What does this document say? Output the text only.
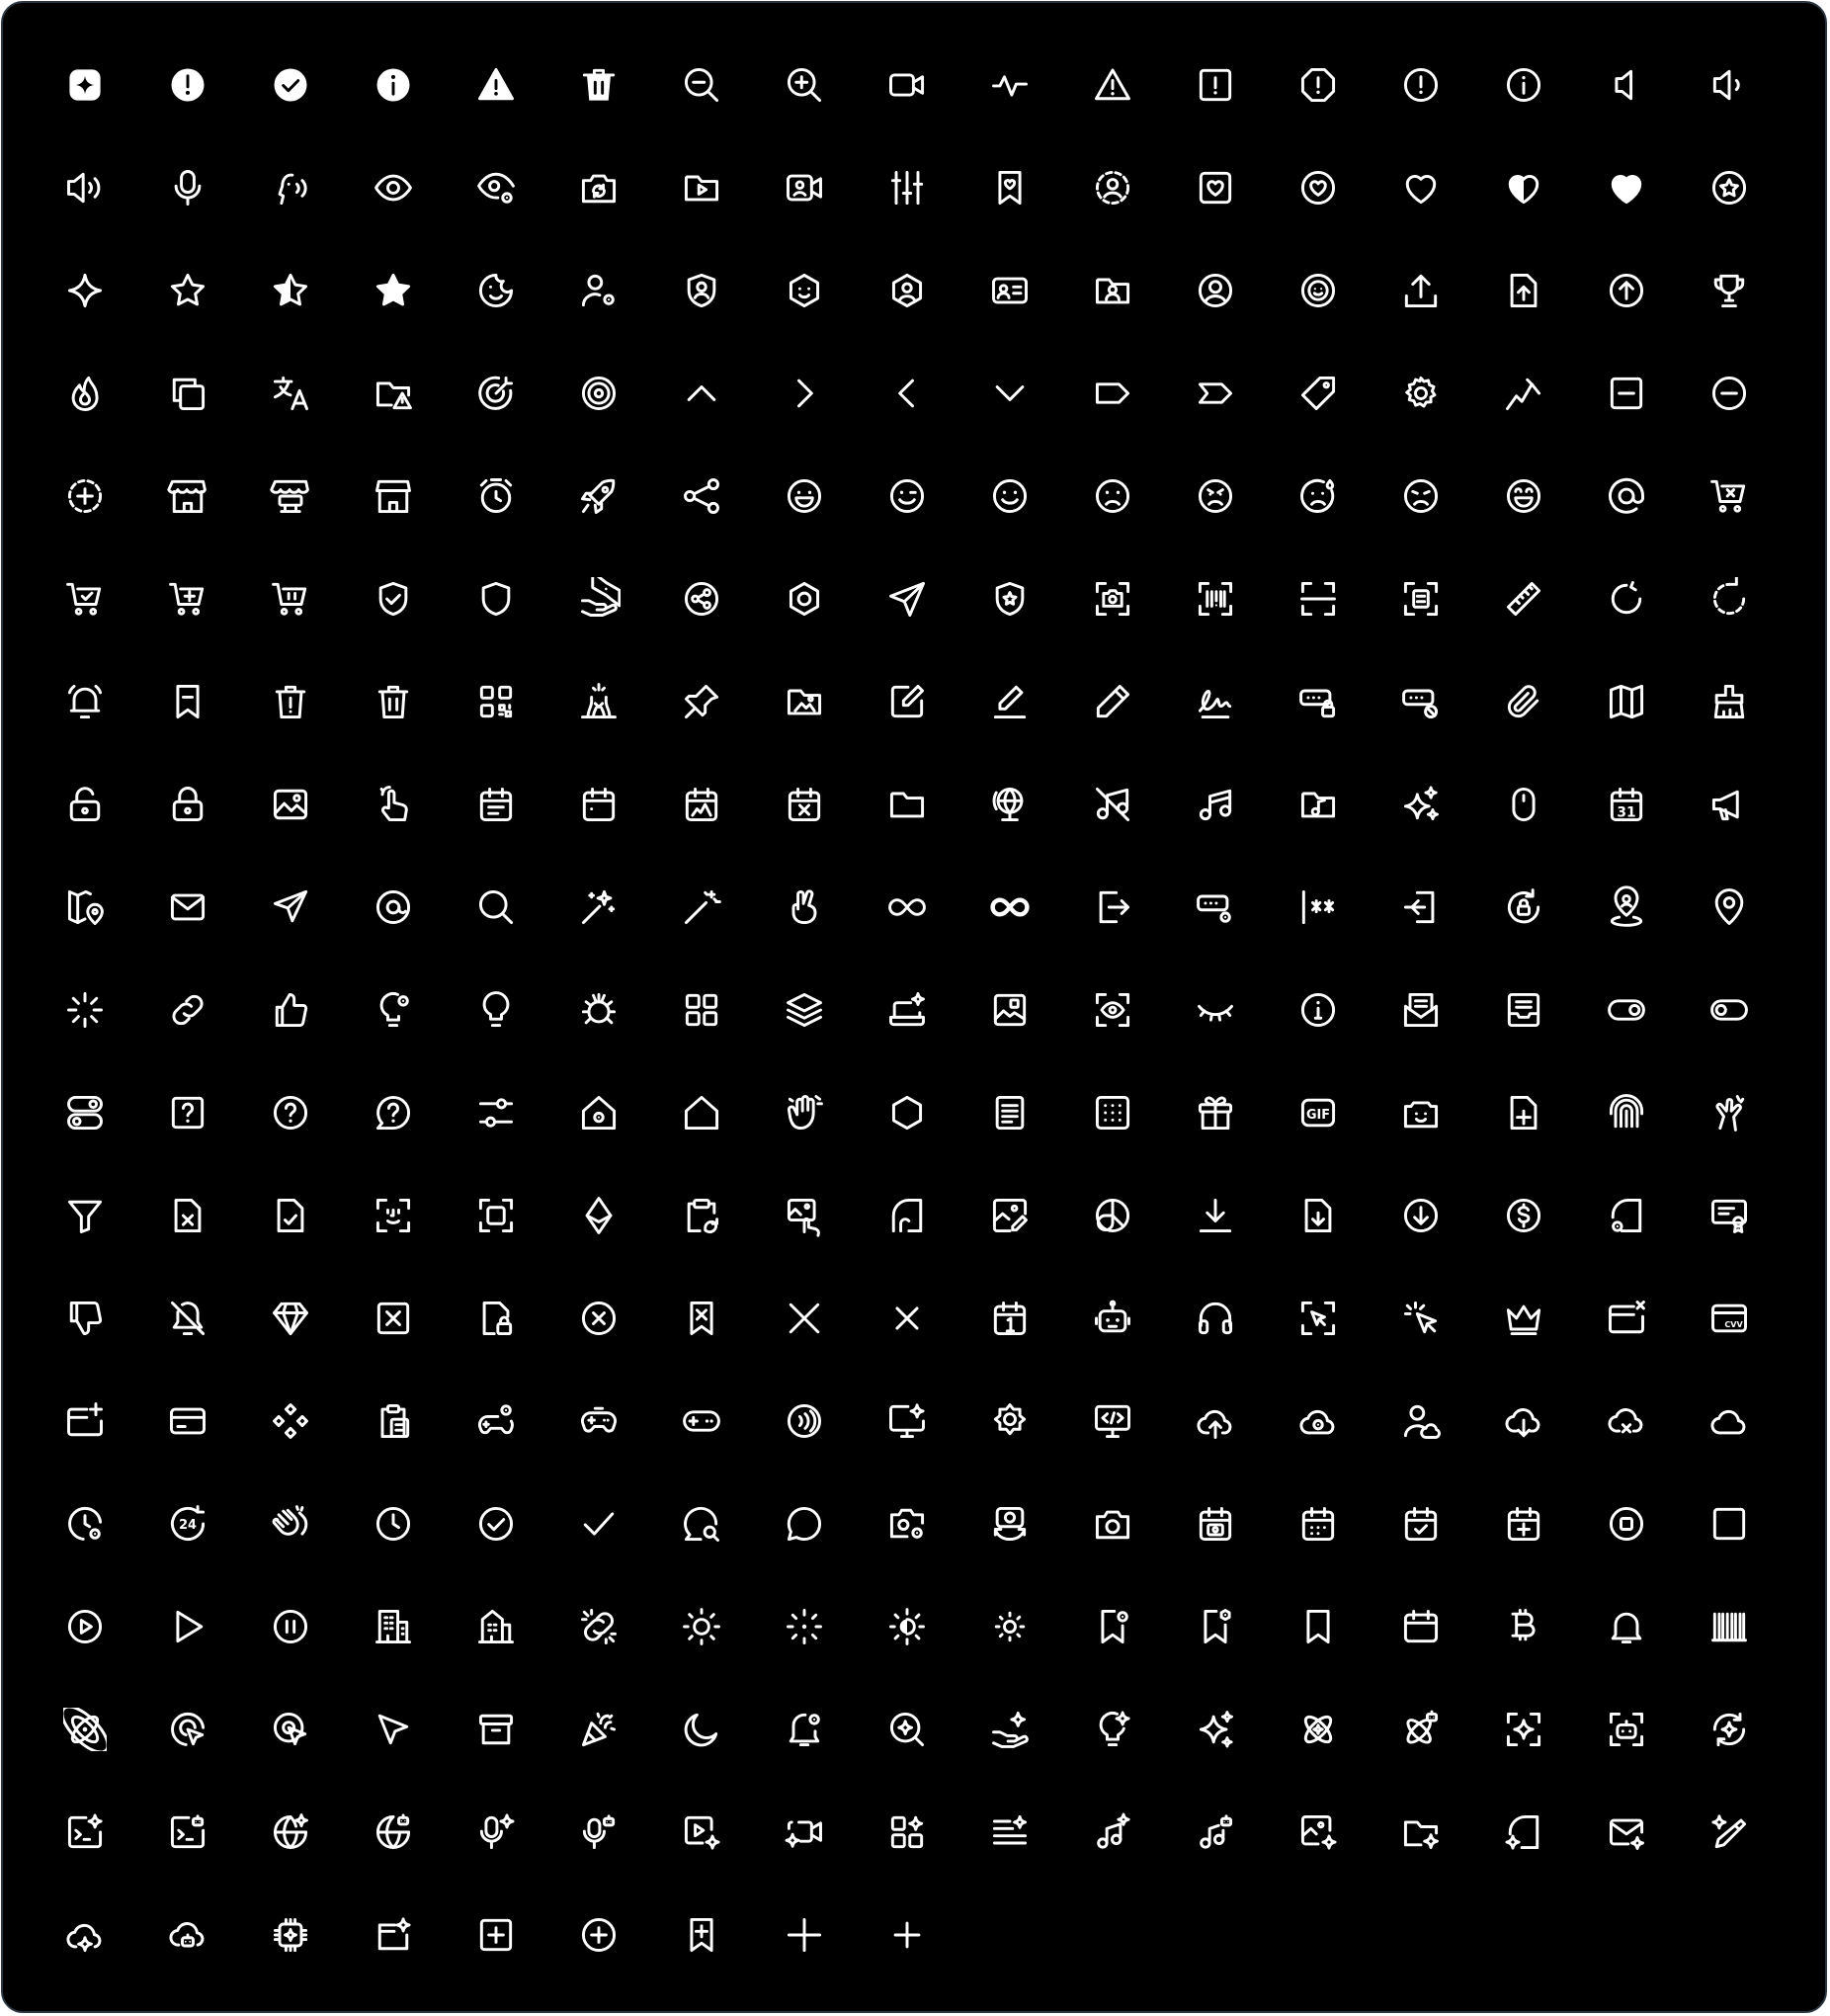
31
GIF
CVV
24
